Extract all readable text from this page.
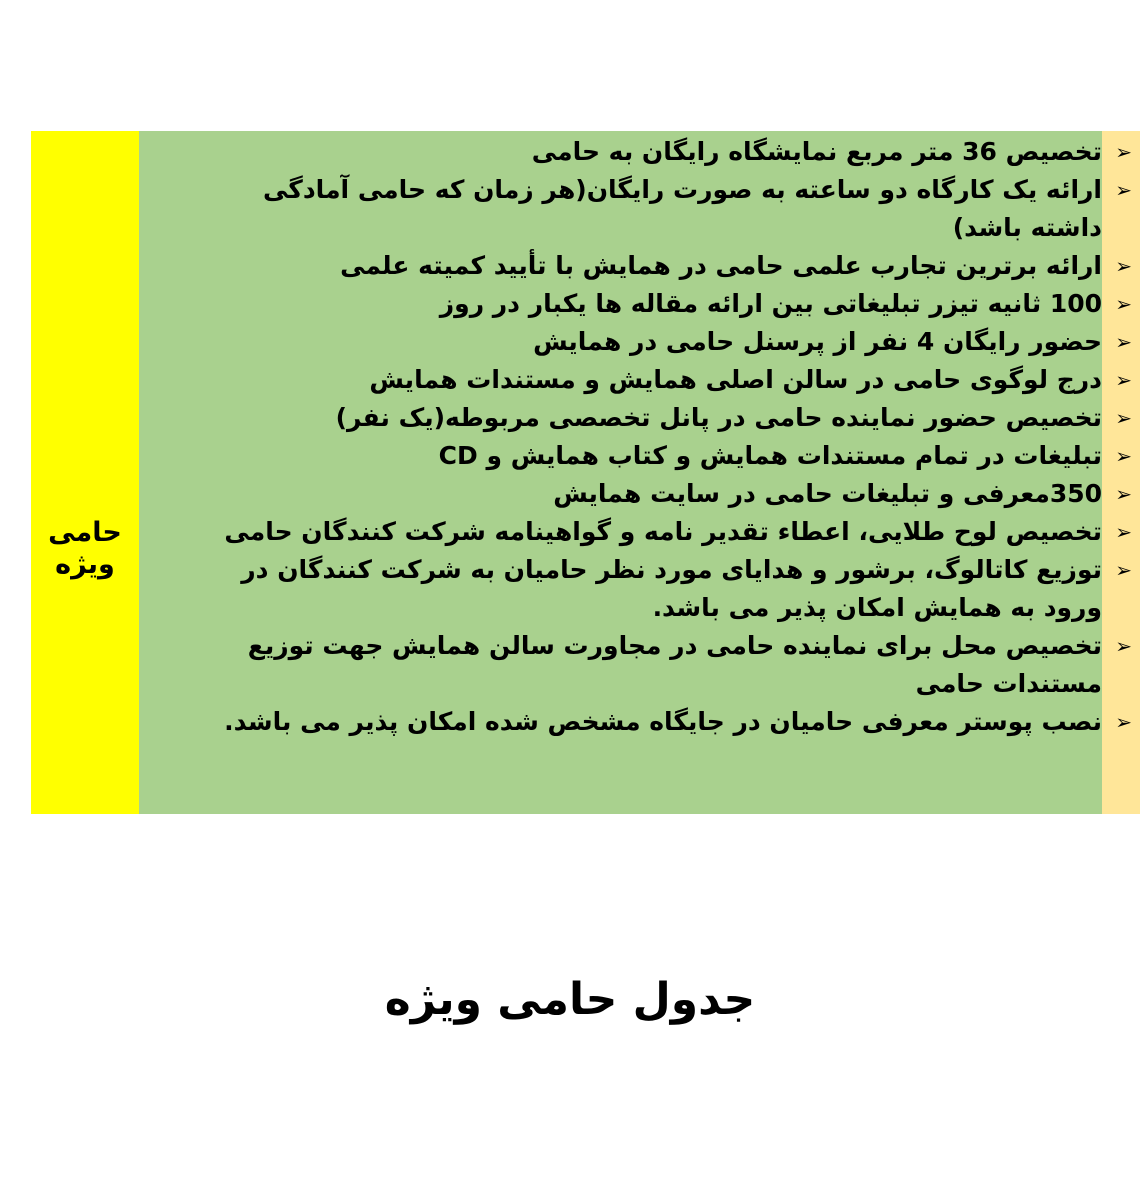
حامی
ویژه
➢
تخصیص 36 متر مربع نمایشگاه رایگان به حامی
➢
ارائه یک کارگاه دو ساعته به صورت رایگان(هر زمان که حامی آمادگی داشته باشد)
➢
ارائه برترین تجارب علمی حامی در همایش با تأیید کمیته علمی
➢
100 ثانیه تیزر تبلیغاتی بین ارائه مقاله ها یکبار در روز
➢
حضور رایگان 4 نفر از پرسنل حامی در همایش
➢
درج لوگوی حامی در سالن اصلی همایش و مستندات همایش
➢
تخصیص حضور نماینده حامی در پانل تخصصی مربوطه(یک نفر)
➢
تبلیغات در تمام مستندات همایش و کتاب همایش و CD
➢
350معرفی و تبلیغات حامی در سایت همایش
➢
تخصیص لوح طلایی، اعطاء تقدیر نامه و گواهینامه شرکت کنندگان حامی
➢
توزیع کاتالوگ، برشور و هدایای مورد نظر حامیان به شرکت کنندگان در ورود به همایش امکان پذیر می باشد.
➢
تخصیص محل برای نماینده حامی در مجاورت سالن همایش جهت توزیع مستندات حامی
➢
نصب پوستر معرفی حامیان در جایگاه مشخص شده امکان پذیر می باشد.
جدول حامی ویژه
